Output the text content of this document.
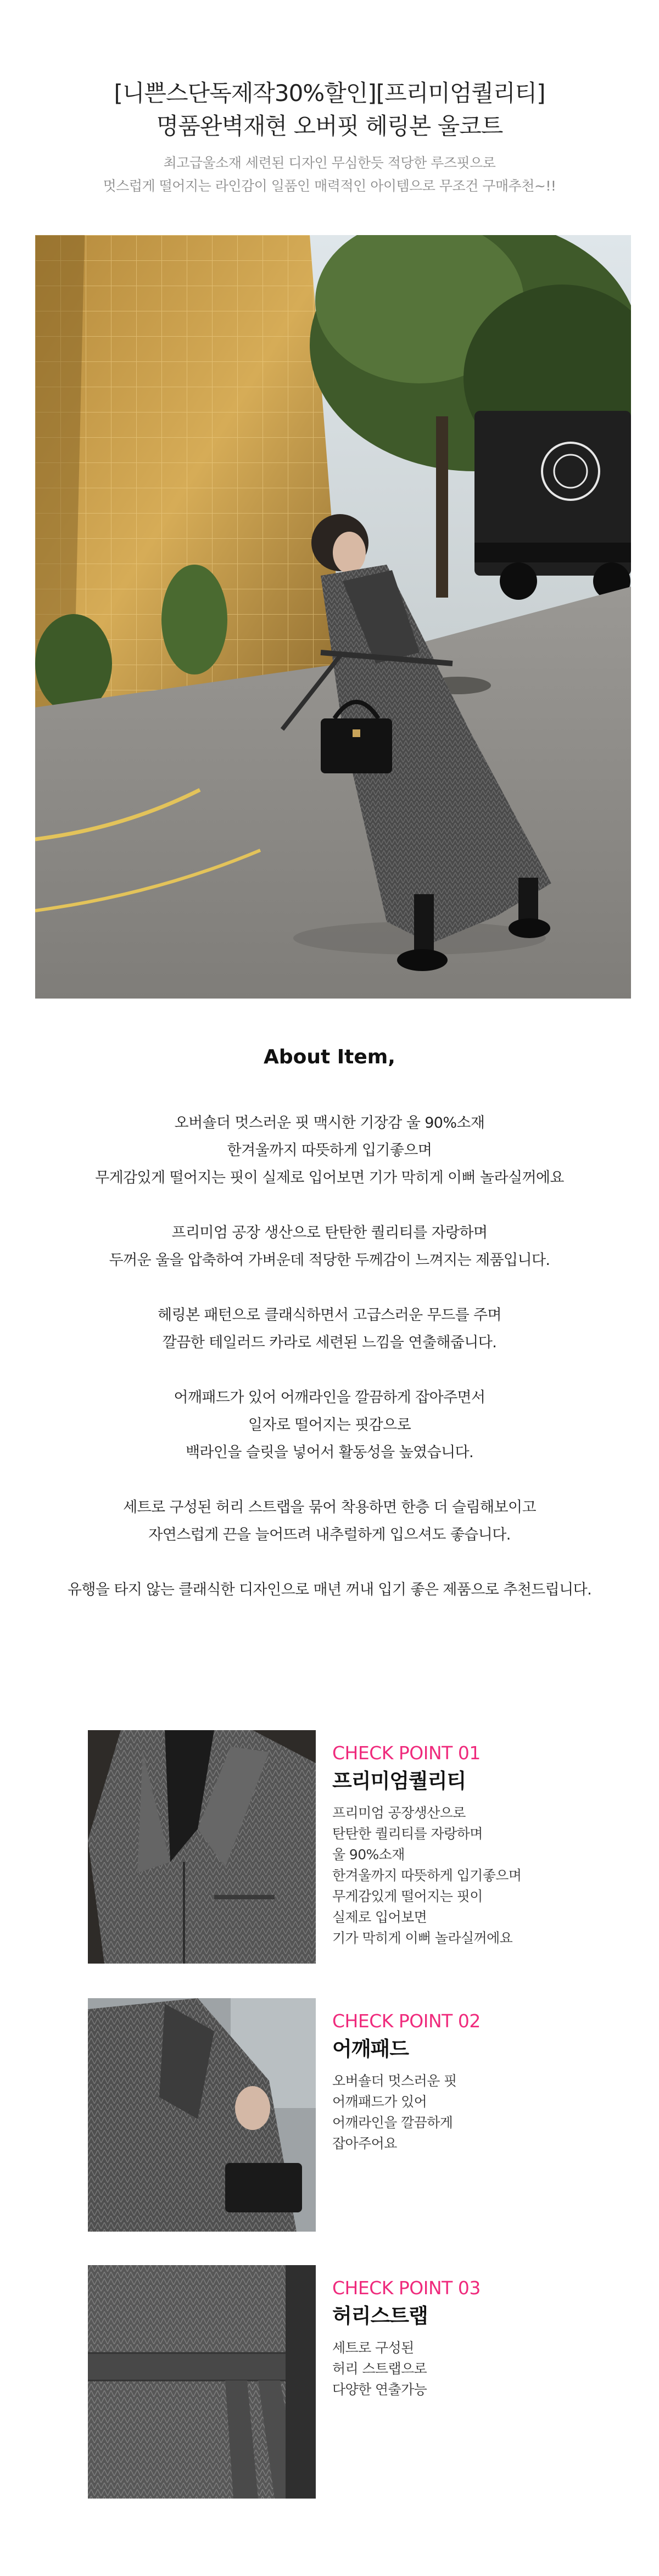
[니쁜스단독제작30%할인][프리미엄퀄리티]
명품완벽재현 오버핏 헤링본 울코트
최고급울소재 세련된 디자인 무심한듯 적당한 루즈핏으로
멋스럽게 떨어지는 라인감이 일품인 매력적인 아이템으로 무조건 구매추천~!!
About Item,
오버숄더 멋스러운 핏 맥시한 기장감 울 90%소재
한겨울까지 따뜻하게 입기좋으며
무게감있게 떨어지는 핏이 실제로 입어보면 기가 막히게 이뻐 놀라실꺼에요
프리미엄 공장 생산으로 탄탄한 퀄리티를 자랑하며
두꺼운 울을 압축하여 가벼운데 적당한 두께감이 느껴지는 제품입니다.
헤링본 패턴으로 클래식하면서 고급스러운 무드를 주며
깔끔한 테일러드 카라로 세련된 느낌을 연출해줍니다.
어깨패드가 있어 어깨라인을 깔끔하게 잡아주면서
일자로 떨어지는 핏감으로
백라인을 슬릿을 넣어서 활동성을 높였습니다.
세트로 구성된 허리 스트랩을 묶어 착용하면 한층 더 슬림해보이고
자연스럽게 끈을 늘어뜨려 내추럴하게 입으셔도 좋습니다.
유행을 타지 않는 클래식한 디자인으로 매년 꺼내 입기 좋은 제품으로 추천드립니다.
CHECK POINT 01
프리미엄퀄리티
프리미엄 공장생산으로
탄탄한 퀄리티를 자랑하며
울 90%소재
한겨울까지 따뜻하게 입기좋으며
무게감있게 떨어지는 핏이
실제로 입어보면
기가 막히게 이뻐 놀라실꺼에요
CHECK POINT 02
어깨패드
오버숄더 멋스러운 핏
어깨패드가 있어
어깨라인을 깔끔하게
잡아주어요
CHECK POINT 03
허리스트랩
세트로 구성된
허리 스트랩으로
다양한 연출가능
